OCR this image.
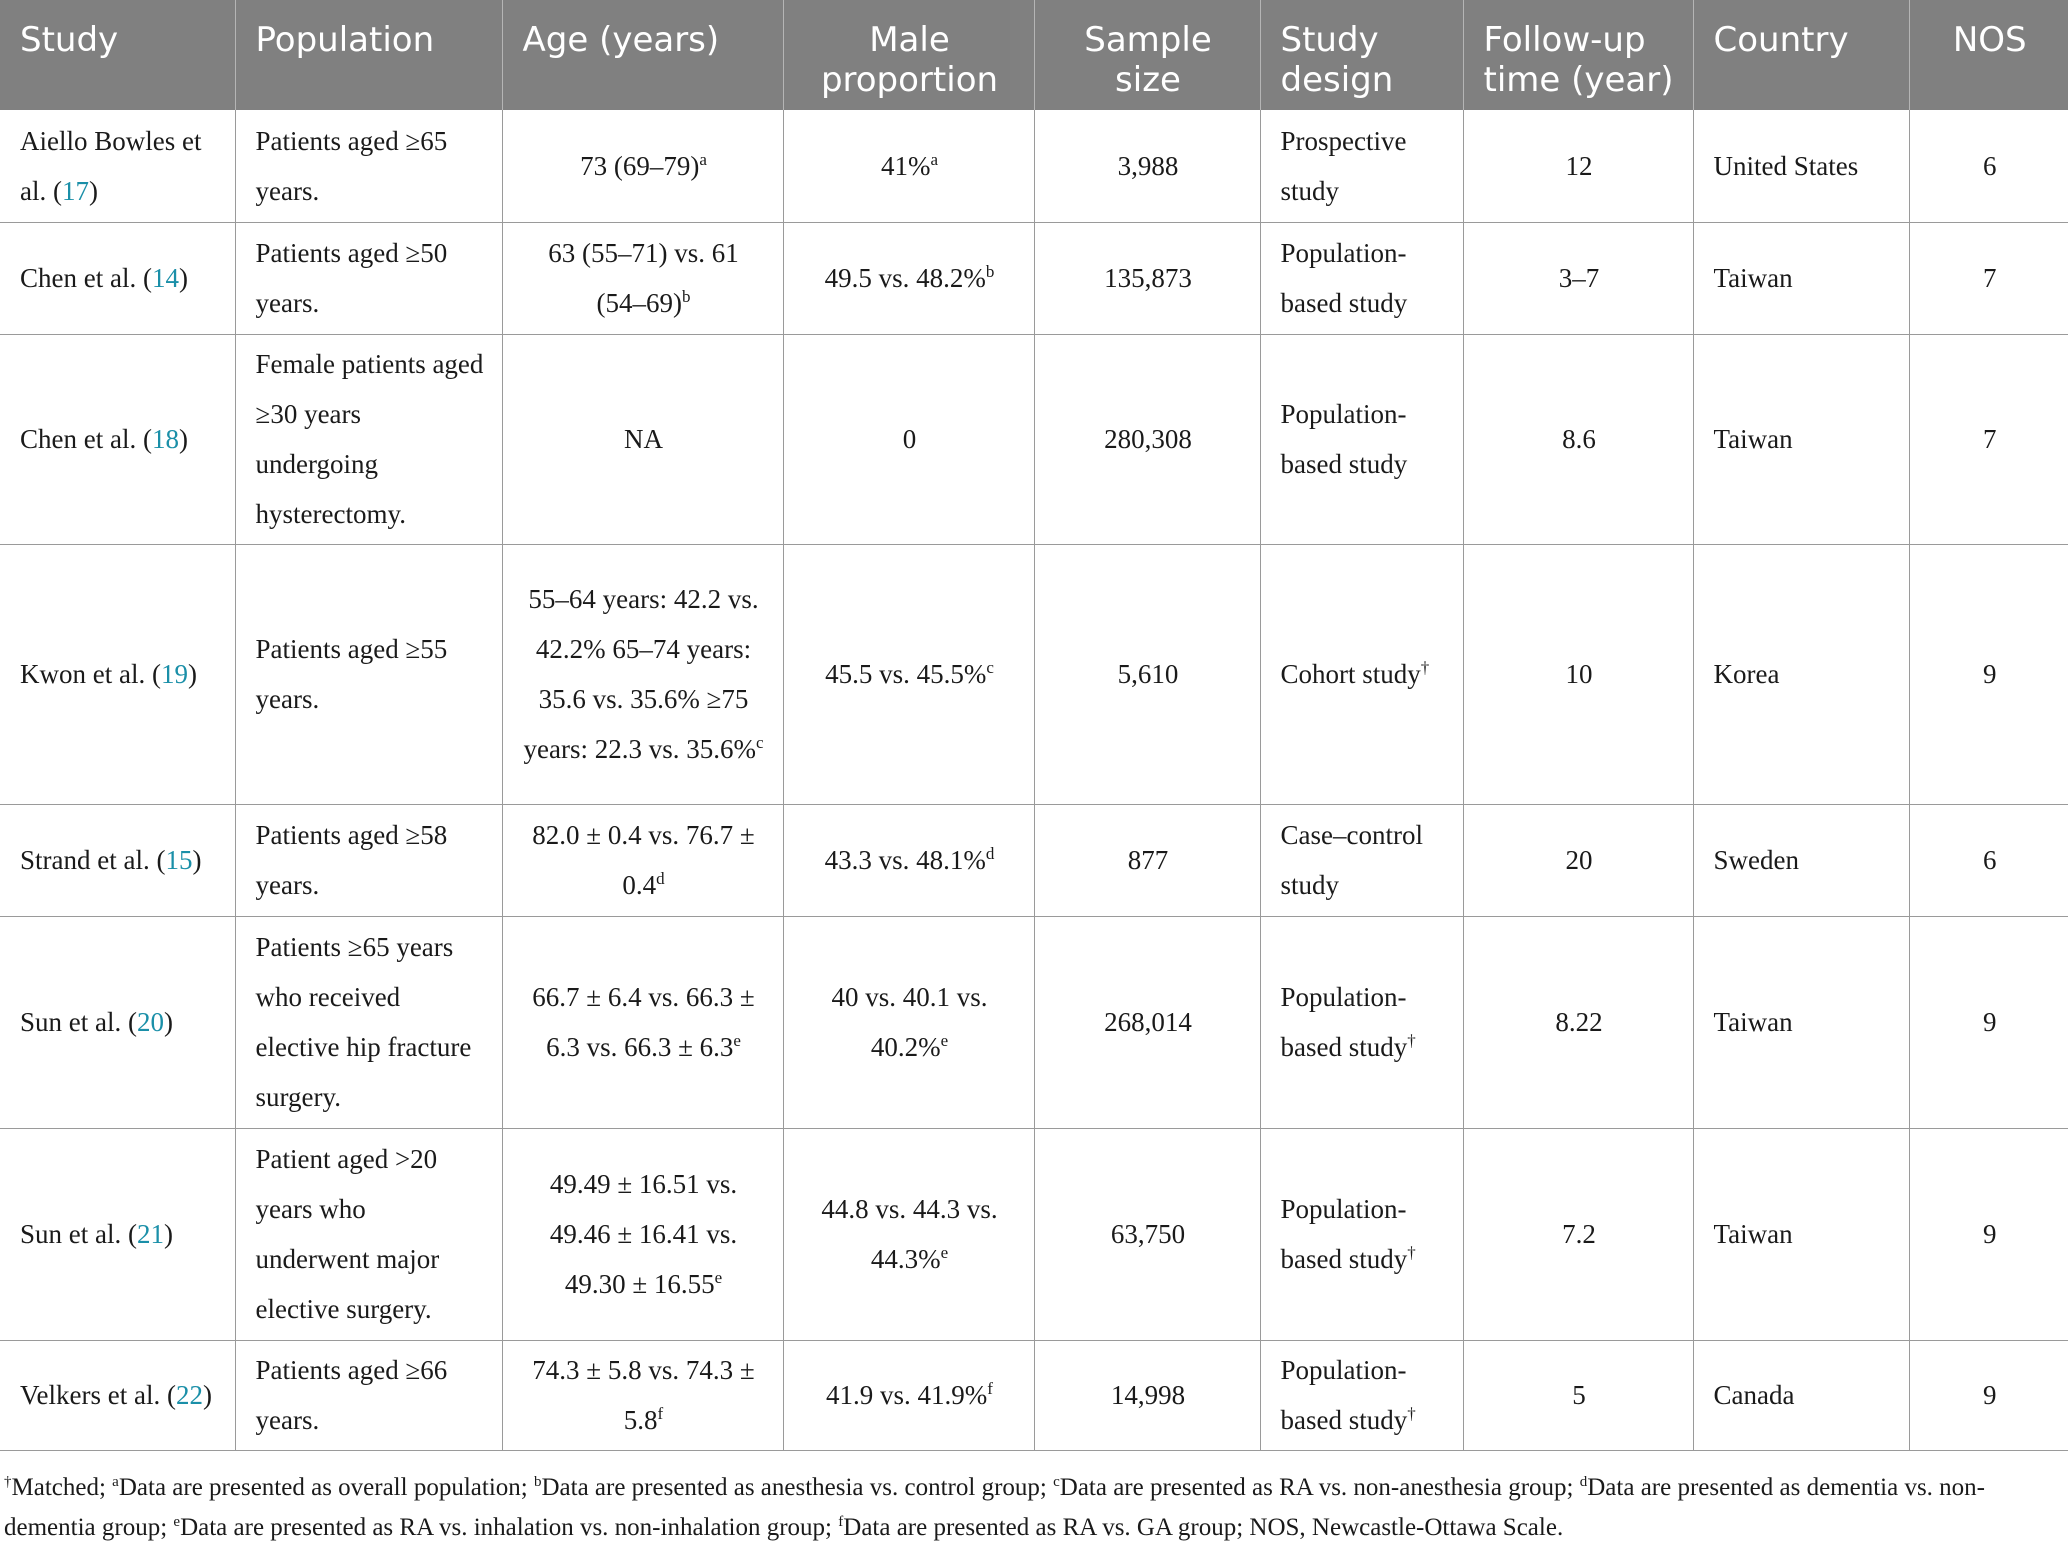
Study	Population	Age (years)	Male proportion	Sample size	Study design	Follow-up time (year)	Country	NOS
Aiello Bowles et al. (17)	Patients aged ≥65 years.	73 $(69-79)^a$	41%$^a$	3,988	Prospective study	12	United States	6
Chen et al. (14)	Patients aged ≥50 years.	63 (55–71) vs. 61 $(54-69)^b$	49.5 vs. 48.2%$^b$	135,873	Population-based study	3–7	Taiwan	7
Chen et al. (18)	Female patients aged ≥30 years undergoing hysterectomy.	NA	0	280,308	Population-based study	8.6	Taiwan	7
Kwon et al. (19)	Patients aged ≥55 years.	55–64 years: 42.2 vs. 42.2% 65–74 years: 35.6 vs. 35.6% ≥75 years: 22.3 vs. 35.6%$^c$	45.5 vs. 45.5%$^c$	5,610	Cohort study†	10	Korea	9
Strand et al. (15)	Patients aged ≥58 years.	82.0 ± 0.4 vs. 76.7 ± 0.4$^d$	43.3 vs. 48.1%$^d$	877	Case–control study	20	Sweden	6
Sun et al. (20)	Patients ≥65 years who received elective hip fracture surgery.	66.7 ± 6.4 vs. 66.3 ± 6.3 vs. 66.3 ± 6.3$^e$	40 vs. 40.1 vs. 40.2%$^e$	268,014	Population-based study†	8.22	Taiwan	9
Sun et al. (21)	Patient aged >20 years who underwent major elective surgery.	49.49 ± 16.51 vs. 49.46 ± 16.41 vs. 49.30 ± 16.55$^e$	44.8 vs. 44.3 vs. 44.3%$^e$	63,750	Population-based study†	7.2	Taiwan	9
Velkers et al. (22)	Patients aged ≥66 years.	74.3 ± 5.8 vs. 74.3 ± 5.8$^f$	41.9 vs. 41.9%$^f$	14,998	Population-based study†	5	Canada	9
†Matched; $^a$Data are presented as overall population; $^b$Data are presented as anesthesia vs. control group; $^c$Data are presented as RA vs. non-anesthesia group; $^d$Data are presented as dementia vs. non-dementia group; $^e$Data are presented as RA vs. inhalation vs. non-inhalation group; $^f$Data are presented as RA vs. GA group; NOS, Newcastle-Ottawa Scale.
